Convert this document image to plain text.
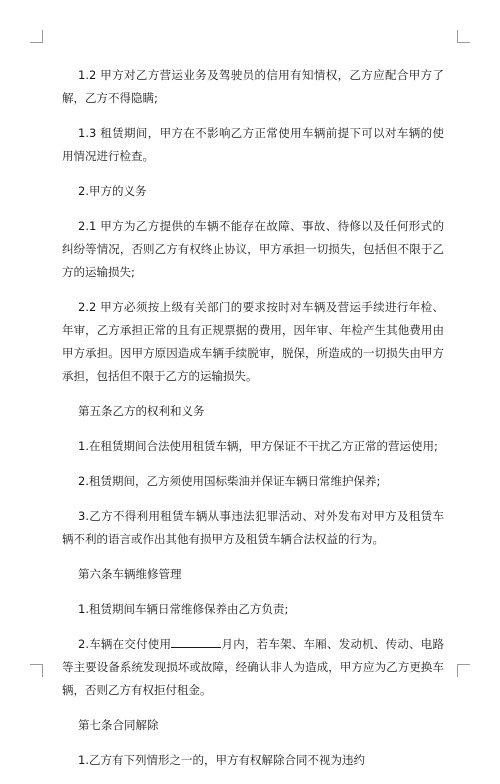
1.2 甲方对乙方营运业务及驾驶员的信用有知情权，乙方应配合甲方了解，乙方不得隐瞒;

1.3 租赁期间，甲方在不影响乙方正常使用车辆前提下可以对车辆的使用情况进行检查。

2.甲方的义务

2.1 甲方为乙方提供的车辆不能存在故障、事故、待修以及任何形式的纠纷等情况，否则乙方有权终止协议，甲方承担一切损失，包括但不限于乙方的运输损失;

2.2 甲方必须按上级有关部门的要求按时对车辆及营运手续进行年检、年审，乙方承担正常的且有正规票据的费用，因年审、年检产生其他费用由甲方承担。因甲方原因造成车辆手续脱审，脱保，所造成的一切损失由甲方承担，包括但不限于乙方的运输损失。

第五条乙方的权利和义务

1.在租赁期间合法使用租赁车辆，甲方保证不干扰乙方正常的营运使用;

2.租赁期间，乙方须使用国标柴油并保证车辆日常维护保养;

3.乙方不得利用租赁车辆从事违法犯罪活动、对外发布对甲方及租赁车辆不利的语言或作出其他有损甲方及租赁车辆合法权益的行为。

第六条车辆维修管理

1.租赁期间车辆日常维修保养由乙方负责;

2.车辆在交付使用	月内，若车架、车厢、发动机、传动、电路等主要设备系统发现损坏或故障，经确认非人为造成，甲方应为乙方更换车辆，否则乙方有权拒付租金。

第七条合同解除

1.乙方有下列情形之一的，甲方有权解除合同不视为违约
